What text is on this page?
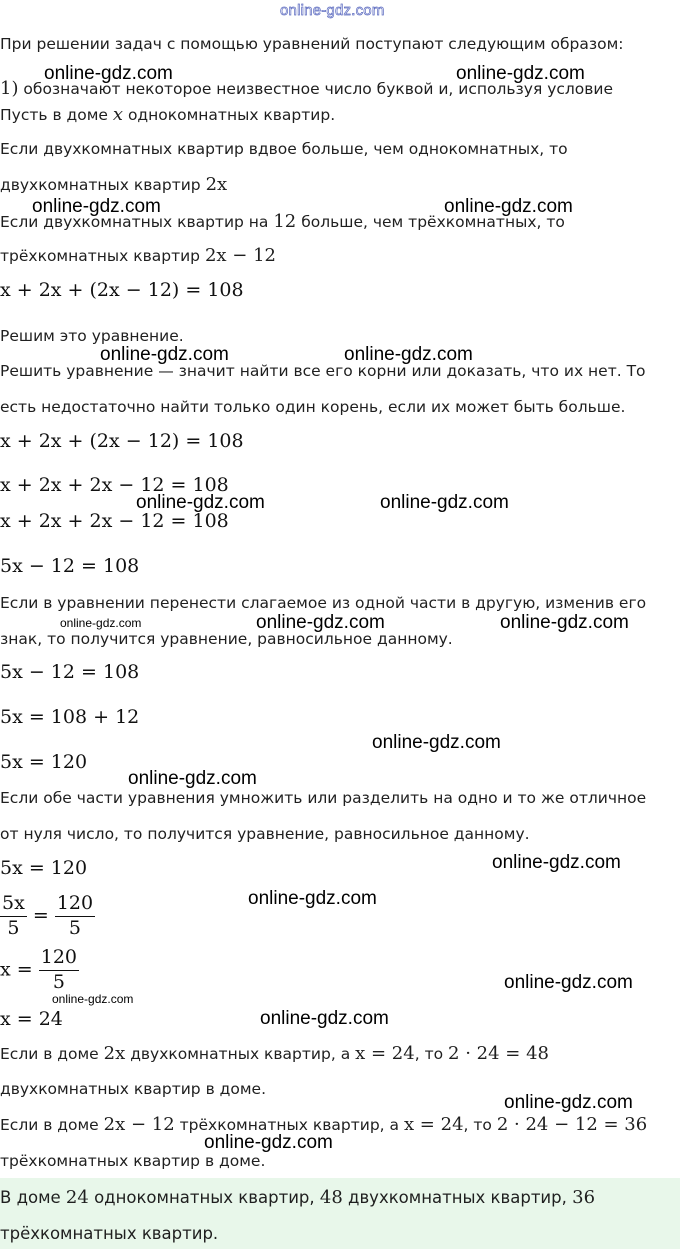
online-gdz.com
При решении задач с помощью уравнений поступают следующим образом:
1) обозначают некоторое неизвестное число буквой и, используя условие
Пусть в доме x однокомнатных квартир.
Если двухкомнатных квартир вдвое больше, чем однокомнатных, то
двухкомнатных квартир 2x
Если двухкомнатных квартир на 12 больше, чем трёхкомнатных, то
трёхкомнатных квартир 2x − 12
x + 2x + (2x − 12) = 108
Решим это уравнение.
Решить уравнение — значит найти все его корни или доказать, что их нет. То
есть недостаточно найти только один корень, если их может быть больше.
x + 2x + (2x − 12) = 108
x + 2x + 2x − 12 = 108
x + 2x + 2x − 12 = 108
5x − 12 = 108
Если в уравнении перенести слагаемое из одной части в другую, изменив его
знак, то получится уравнение, равносильное данному.
5x − 12 = 108
5x = 108 + 12
5x = 120
Если обе части уравнения умножить или разделить на одно и то же отличное
от нуля число, то получится уравнение, равносильное данному.
5x = 120
$\frac{5x}{5} = \frac{120}{5}$
$x = \frac{120}{5}$
x = 24
Если в доме 2x двухкомнатных квартир, а x = 24, то 2 · 24 = 48
двухкомнатных квартир в доме.
Если в доме 2x − 12 трёхкомнатных квартир, а x = 24, то 2 · 24 − 12 = 36
трёхкомнатных квартир в доме.
В доме 24 однокомнатных квартир, 48 двухкомнатных квартир, 36
трёхкомнатных квартир.
online-gdz.com	online-gdz.com
online-gdz.com	online-gdz.com
online-gdz.com	online-gdz.com
online-gdz.com	online-gdz.com
online-gdz.com	online-gdz.com	online-gdz.com
online-gdz.com
online-gdz.com
online-gdz.com
online-gdz.com
online-gdz.com
online-gdz.com
online-gdz.com
online-gdz.com
online-gdz.com
